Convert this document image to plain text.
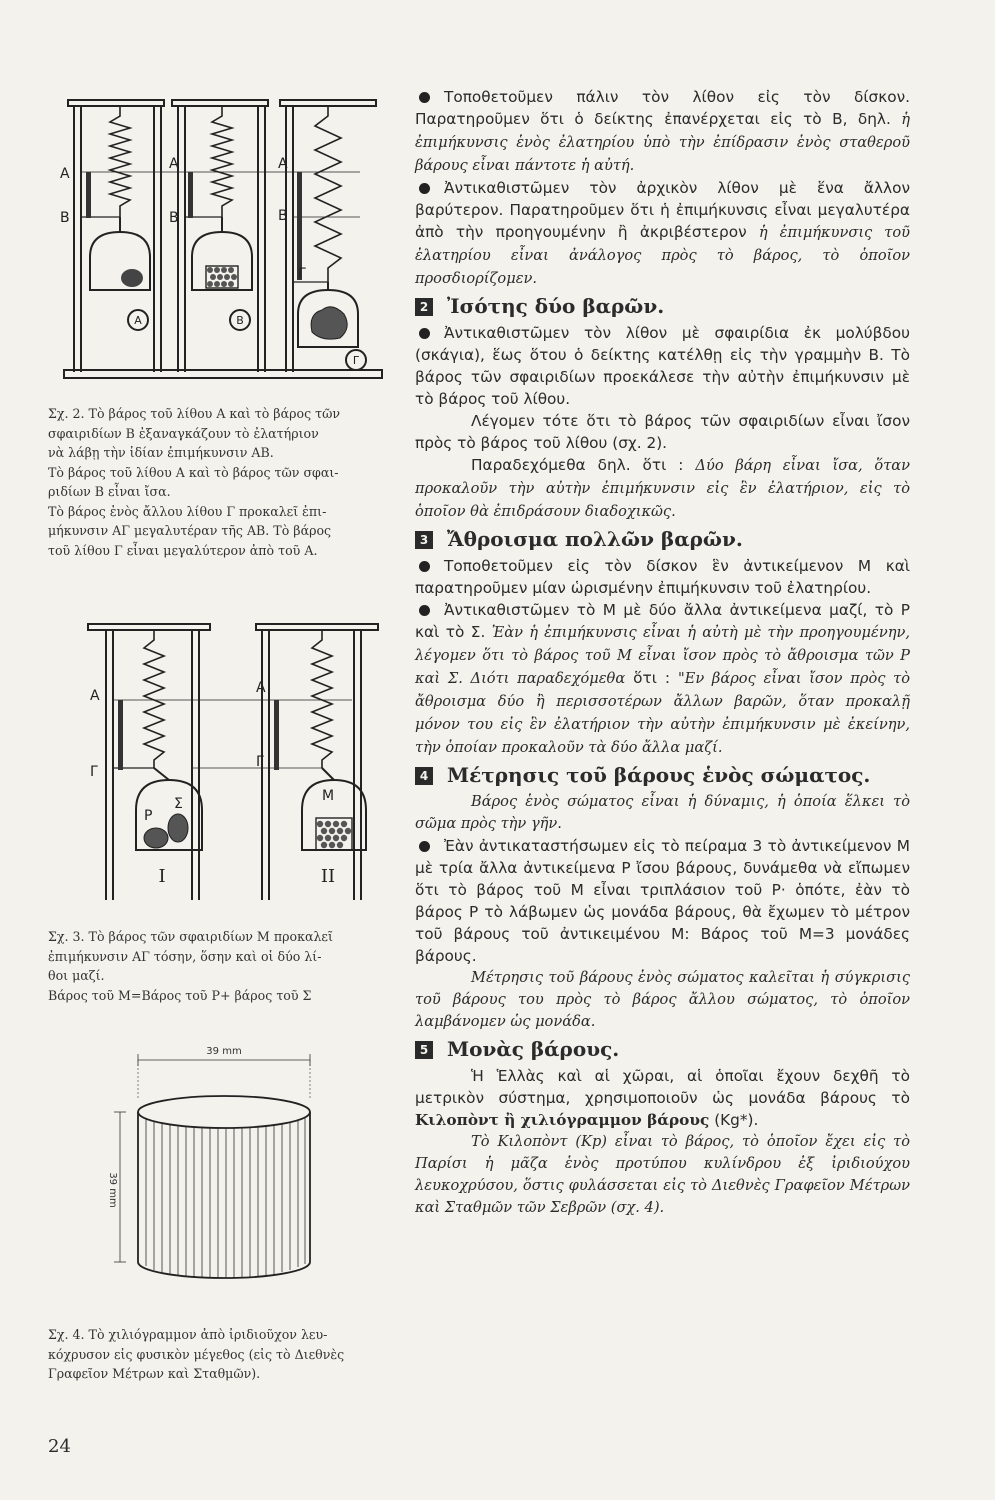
A
B
A
B
A
B
Γ
A	B
Γ

Σχ. 2. Τὸ βάρος τοῦ λίθου Α καὶ τὸ βάρος τῶν

σφαιριδίων Β ἐξαναγκάζουν τὸ ἐλατήριον

νὰ λάβῃ τὴν ἰδίαν ἐπιμήκυνσιν ΑΒ.

Τὸ βάρος τοῦ λίθου Α καὶ τὸ βάρος τῶν σφαι-

ριδίων Β εἶναι ἴσα.

Τὸ βάρος ἑνὸς ἄλλου λίθου Γ προκαλεῖ ἐπι-

μήκυνσιν ΑΓ μεγαλυτέραν τῆς ΑΒ. Τὸ βάρος

τοῦ λίθου Γ εἶναι μεγαλύτερον ἀπὸ τοῦ Α.

A
Γ
A
Γ
P
Σ	M
I	II

Σχ. 3. Τὸ βάρος τῶν σφαιριδίων Μ προκαλεῖ

ἐπιμήκυνσιν ΑΓ τόσην, ὅσην καὶ οἱ δύο λί-

θοι μαζί.

Βάρος τοῦ Μ=Βάρος τοῦ Ρ+ βάρος τοῦ Σ

39 mm
39 mm

Σχ. 4. Τὸ χιλιόγραμμον ἀπὸ ἰριδιοῦχον λευ-

κόχρυσον εἰς φυσικὸν μέγεθος (εἰς τὸ Διεθνὲς

Γραφεῖον Μέτρων καὶ Σταθμῶν).

Τοποθετοῦμεν πάλιν τὸν λίθον εἰς τὸν δίσκον. Παρατηροῦμεν ὅτι ὁ δείκτης ἐπανέρχεται εἰς τὸ Β, δηλ. ἡ ἐπιμήκυνσις ἑνὸς ἐλατηρίου ὑπὸ τὴν ἐπίδρασιν ἑνὸς σταθεροῦ βάρους εἶναι πάντοτε ἡ αὐτή.

Ἀντικαθιστῶμεν τὸν ἀρχικὸν λίθον μὲ ἕνα ἄλλον βαρύτερον. Παρατηροῦμεν ὅτι ἡ ἐπιμήκυνσις εἶναι μεγαλυτέρα ἀπὸ τὴν προηγουμένην ἢ ἀκριβέστερον ἡ ἐπιμήκυνσις τοῦ ἐλατηρίου εἶναι ἀνάλογος πρὸς τὸ βάρος, τὸ ὁποῖον προσδιορίζομεν.

2 Ἰσότης δύο βαρῶν.

Ἀντικαθιστῶμεν τὸν λίθον μὲ σφαιρίδια ἐκ μολύβδου (σκάγια), ἕως ὅτου ὁ δείκτης κατέλθῃ εἰς τὴν γραμμὴν Β. Τὸ βάρος τῶν σφαιριδίων προεκάλεσε τὴν αὐτὴν ἐπιμήκυνσιν μὲ τὸ βάρος τοῦ λίθου.

Λέγομεν τότε ὅτι τὸ βάρος τῶν σφαιριδίων εἶναι ἴσον πρὸς τὸ βάρος τοῦ λίθου (σχ. 2).

Παραδεχόμεθα δηλ. ὅτι : Δύο βάρη εἶναι ἴσα, ὅταν προκαλοῦν τὴν αὐτὴν ἐπιμήκυνσιν εἰς ἓν ἐλατήριον, εἰς τὸ ὁποῖον θὰ ἐπιδράσουν διαδοχικῶς.

3 Ἄθροισμα πολλῶν βαρῶν.

Τοποθετοῦμεν εἰς τὸν δίσκον ἓν ἀντικείμενον Μ καὶ παρατηροῦμεν μίαν ὡρισμένην ἐπιμήκυνσιν τοῦ ἐλατηρίου.

Ἀντικαθιστῶμεν τὸ Μ μὲ δύο ἄλλα ἀντικείμενα μαζί, τὸ Ρ καὶ τὸ Σ. Ἐὰν ἡ ἐπιμήκυνσις εἶναι ἡ αὐτὴ μὲ τὴν προηγουμένην, λέγομεν ὅτι τὸ βάρος τοῦ Μ εἶναι ἴσον πρὸς τὸ ἄθροισμα τῶν Ρ καὶ Σ. Διότι παραδεχόμεθα ὅτι : "Εν βάρος εἶναι ἴσον πρὸς τὸ ἄθροισμα δύο ἢ περισσοτέρων ἄλλων βαρῶν, ὅταν προκαλῇ μόνον του εἰς ἓν ἐλατήριον τὴν αὐτὴν ἐπιμήκυνσιν μὲ ἐκείνην, τὴν ὁποίαν προκαλοῦν τὰ δύο ἄλλα μαζί.

4 Μέτρησις τοῦ βάρους ἑνὸς σώματος.

Βάρος ἑνὸς σώματος εἶναι ἡ δύναμις, ἡ ὁποία ἕλκει τὸ σῶμα πρὸς τὴν γῆν.

Ἐὰν ἀντικαταστήσωμεν εἰς τὸ πείραμα 3 τὸ ἀντικείμενον Μ μὲ τρία ἄλλα ἀντικείμενα Ρ ἴσου βάρους, δυνάμεθα νὰ εἴπωμεν ὅτι τὸ βάρος τοῦ Μ εἶναι τριπλάσιον τοῦ Ρ· ὁπότε, ἐὰν τὸ βάρος Ρ τὸ λάβωμεν ὡς μονάδα βάρους, θὰ ἔχωμεν τὸ μέτρον τοῦ βάρους τοῦ ἀντικειμένου Μ: Βάρος τοῦ Μ=3 μονάδες βάρους.

Μέτρησις τοῦ βάρους ἑνὸς σώματος καλεῖται ἡ σύγκρισις τοῦ βάρους του πρὸς τὸ βάρος ἄλλου σώματος, τὸ ὁποῖον λαμβάνομεν ὡς μονάδα.

5 Μονὰς βάρους.

Ἡ Ἑλλὰς καὶ αἱ χῶραι, αἱ ὁποῖαι ἔχουν δεχθῆ τὸ μετρικὸν σύστημα, χρησιμοποιοῦν ὡς μονάδα βάρους τὸ Κιλοπὸντ ἢ χιλιόγραμμον βάρους (Kg*).

Τὸ Κιλοπὸντ (Κp) εἶναι τὸ βάρος, τὸ ὁποῖον ἔχει εἰς τὸ Παρίσι ἡ μᾶζα ἑνὸς προτύπου κυλίνδρου ἐξ ἰριδιούχου λευκοχρύσου, ὅστις φυλάσσεται εἰς τὸ Διεθνὲς Γραφεῖον Μέτρων καὶ Σταθμῶν τῶν Σεβρῶν (σχ. 4).

24
